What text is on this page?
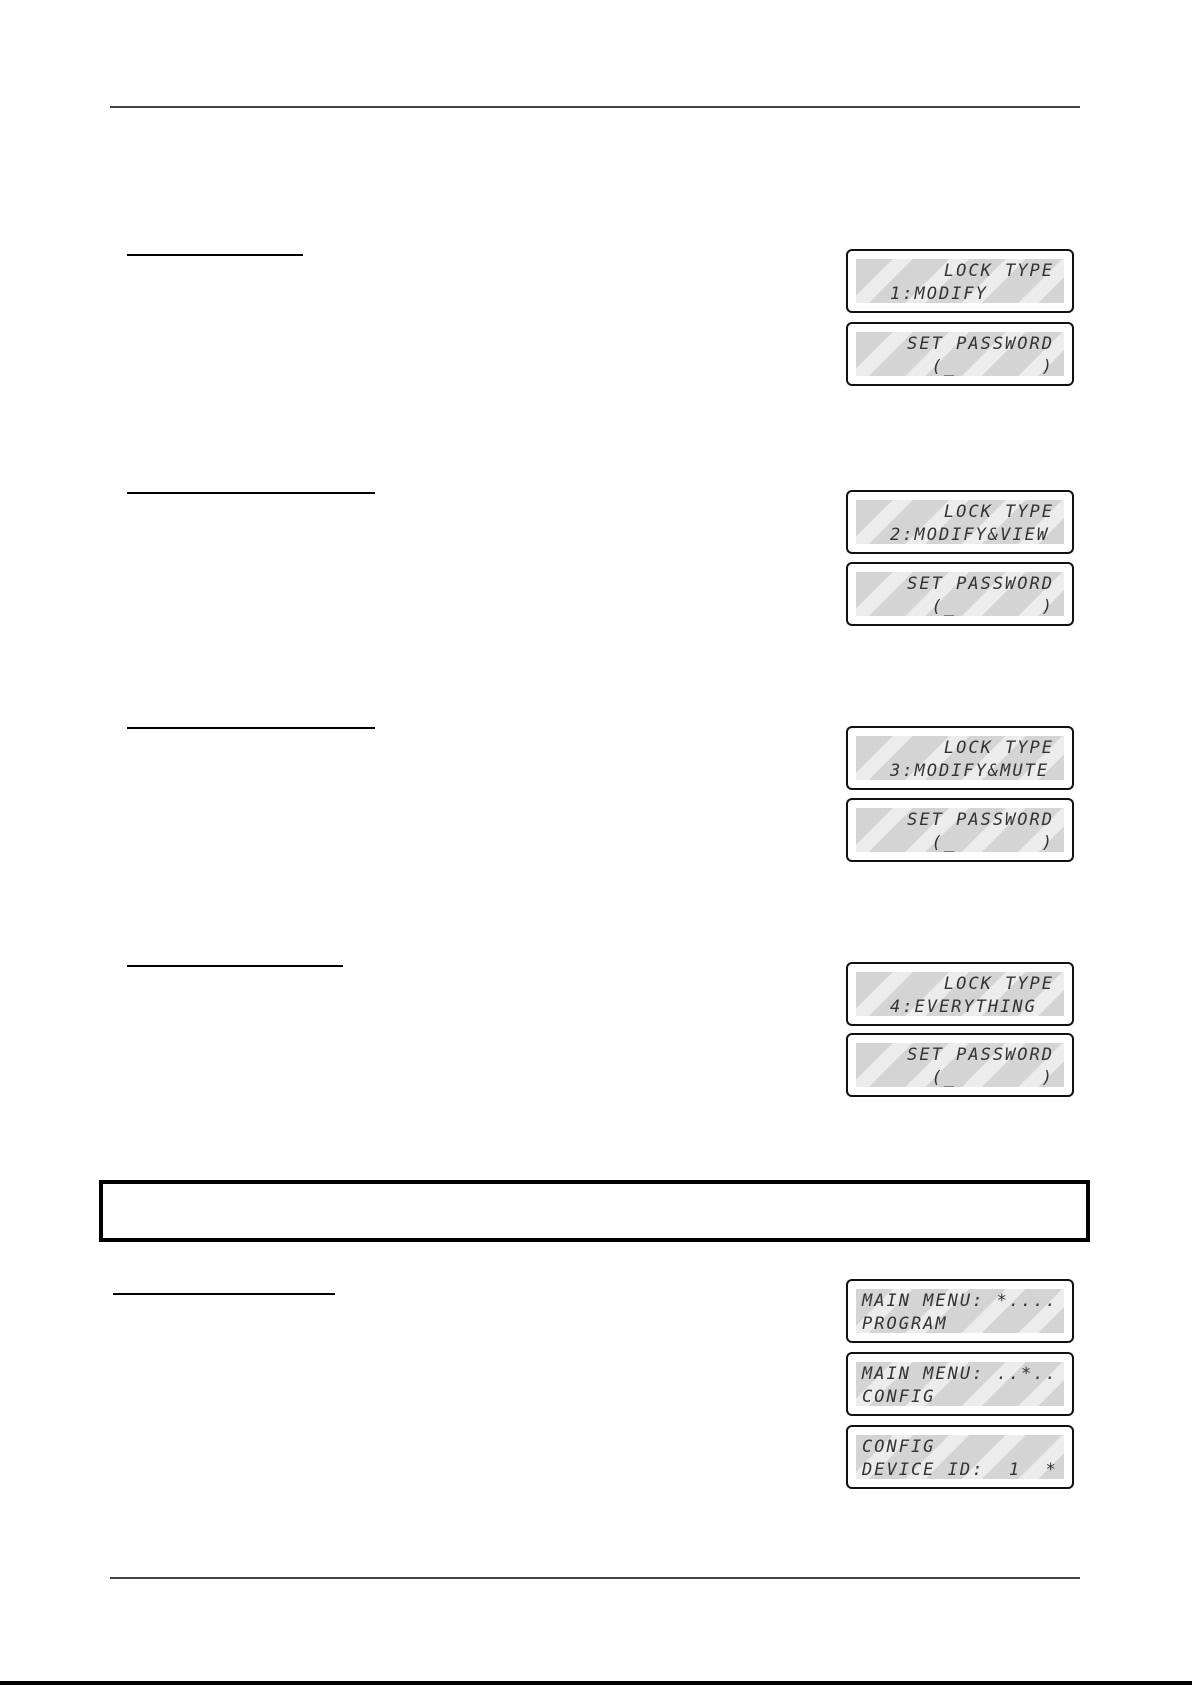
LOCK TYPE
1:MODIFY
SET PASSWORD
(_       )
LOCK TYPE
2:MODIFY&VIEW
SET PASSWORD
(_       )
LOCK TYPE
3:MODIFY&MUTE
SET PASSWORD
(_       )
LOCK TYPE
4:EVERYTHING
SET PASSWORD
(_       )
MAIN MENU: *....
PROGRAM
MAIN MENU: ..*..
CONFIG
CONFIG
DEVICE ID:  1  *
